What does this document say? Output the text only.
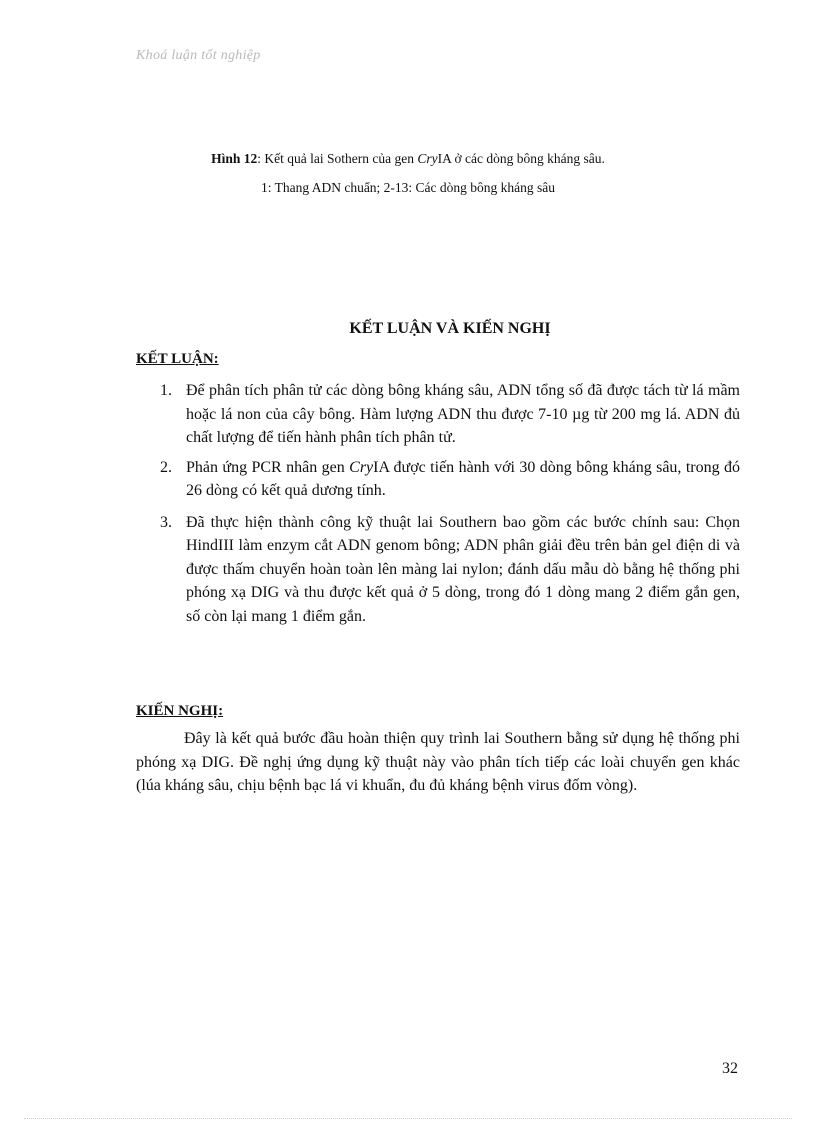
Khoá luận tốt nghiệp
Hình 12: Kết quả lai Sothern của gen CryIA ở các dòng bông kháng sâu.
1: Thang ADN chuẩn; 2-13: Các dòng bông kháng sâu
KẾT LUẬN VÀ KIẾN NGHỊ
KẾT LUẬN:
1. Để phân tích phân tử các dòng bông kháng sâu, ADN tổng số đã được tách từ lá mầm hoặc lá non của cây bông. Hàm lượng ADN thu được 7-10 µg từ 200 mg lá. ADN đủ chất lượng để tiến hành phân tích phân tử.
2. Phản ứng PCR nhân gen CryIA được tiến hành với 30 dòng bông kháng sâu, trong đó 26 dòng có kết quả dương tính.
3. Đã thực hiện thành công kỹ thuật lai Southern bao gồm các bước chính sau: Chọn HindIII làm enzym cắt ADN genom bông; ADN phân giải đều trên bản gel điện di và được thấm chuyển hoàn toàn lên màng lai nylon; đánh dấu mẫu dò bằng hệ thống phi phóng xạ DIG và thu được kết quả ở 5 dòng, trong đó 1 dòng mang 2 điểm gắn gen, số còn lại mang 1 điểm gắn.
KIẾN NGHỊ:
Đây là kết quả bước đầu hoàn thiện quy trình lai Southern bằng sử dụng hệ thống phi phóng xạ DIG. Đề nghị ứng dụng kỹ thuật này vào phân tích tiếp các loài chuyển gen khác (lúa kháng sâu, chịu bệnh bạc lá vi khuẩn, đu đủ kháng bệnh virus đốm vòng).
32
